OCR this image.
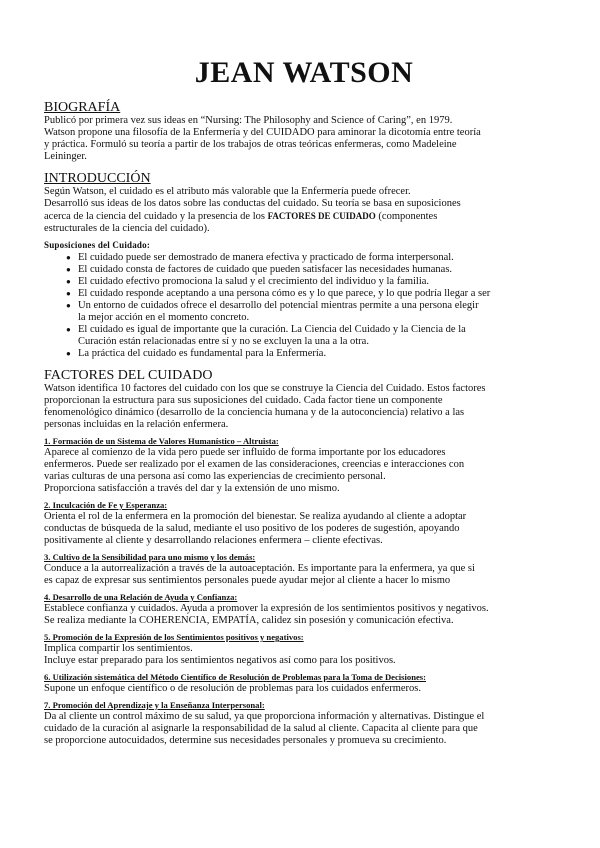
JEAN WATSON
BIOGRAFÍA
Publicó por primera vez sus ideas en “Nursing: The Philosophy and Science of Caring”, en 1979.
Watson propone una filosofía de la Enfermería y del CUIDADO para aminorar la dicotomía entre teoría
y práctica. Formuló su teoría a partir de los trabajos de otras teóricas enfermeras, como Madeleine
Leininger.
INTRODUCCIÓN
Según Watson, el cuidado es el atributo más valorable que la Enfermería puede ofrecer.
Desarrolló sus ideas de los datos sobre las conductas del cuidado. Su teoría se basa en suposiciones
acerca de la ciencia del cuidado y la presencia de los FACTORES DE CUIDADO (componentes
estructurales de la ciencia del cuidado).
Suposiciones del Cuidado:
● El cuidado puede ser demostrado de manera efectiva y practicado de forma interpersonal.
● El cuidado consta de factores de cuidado que pueden satisfacer las necesidades humanas.
● El cuidado efectivo promociona la salud y el crecimiento del individuo y la familia.
● El cuidado responde aceptando a una persona cómo es y lo que parece, y lo que podría llegar a ser
● Un entorno de cuidados ofrece el desarrollo del potencial mientras permite a una persona elegir
la mejor acción en el momento concreto.
● El cuidado es igual de importante que la curación. La Ciencia del Cuidado y la Ciencia de la
Curación están relacionadas entre sí y no se excluyen la una a la otra.
● La práctica del cuidado es fundamental para la Enfermería.
FACTORES DEL CUIDADO
Watson identifica 10 factores del cuidado con los que se construye la Ciencia del Cuidado. Estos factores
proporcionan la estructura para sus suposiciones del cuidado. Cada factor tiene un componente
fenomenológico dinámico (desarrollo de la conciencia humana y de la autoconciencia) relativo a las
personas incluidas en la relación enfermera.
1. Formación de un Sistema de Valores Humanístico – Altruista:
Aparece al comienzo de la vida pero puede ser influido de forma importante por los educadores
enfermeros. Puede ser realizado por el examen de las consideraciones, creencias e interacciones con
varias culturas de una persona así como las experiencias de crecimiento personal.
Proporciona satisfacción a través del dar y la extensión de uno mismo.
2. Inculcación de Fe y Esperanza:
Orienta el rol de la enfermera en la promoción del bienestar. Se realiza ayudando al cliente a adoptar
conductas de búsqueda de la salud, mediante el uso positivo de los poderes de sugestión, apoyando
positivamente al cliente y desarrollando relaciones enfermera – cliente efectivas.
3. Cultivo de la Sensibilidad para uno mismo y los demás:
Conduce a la autorrealización a través de la autoaceptación. Es importante para la enfermera, ya que si
es capaz de expresar sus sentimientos personales puede ayudar mejor al cliente a hacer lo mismo
4. Desarrollo de una Relación de Ayuda y Confianza:
Establece confianza y cuidados. Ayuda a promover la expresión de los sentimientos positivos y negativos.
Se realiza mediante la COHERENCIA, EMPATÍA, calidez sin posesión y comunicación efectiva.
5. Promoción de la Expresión de los Sentimientos positivos y negativos:
Implica compartir los sentimientos.
Incluye estar preparado para los sentimientos negativos así como para los positivos.
6. Utilización sistemática del Método Científico de Resolución de Problemas para la Toma de Decisiones:
Supone un enfoque científico o de resolución de problemas para los cuidados enfermeros.
7. Promoción del Aprendizaje y la Enseñanza Interpersonal:
Da al cliente un control máximo de su salud, ya que proporciona información y alternativas. Distingue el
cuidado de la curación al asignarle la responsabilidad de la salud al cliente. Capacita al cliente para que
se proporcione autocuidados, determine sus necesidades personales y promueva su crecimiento.
